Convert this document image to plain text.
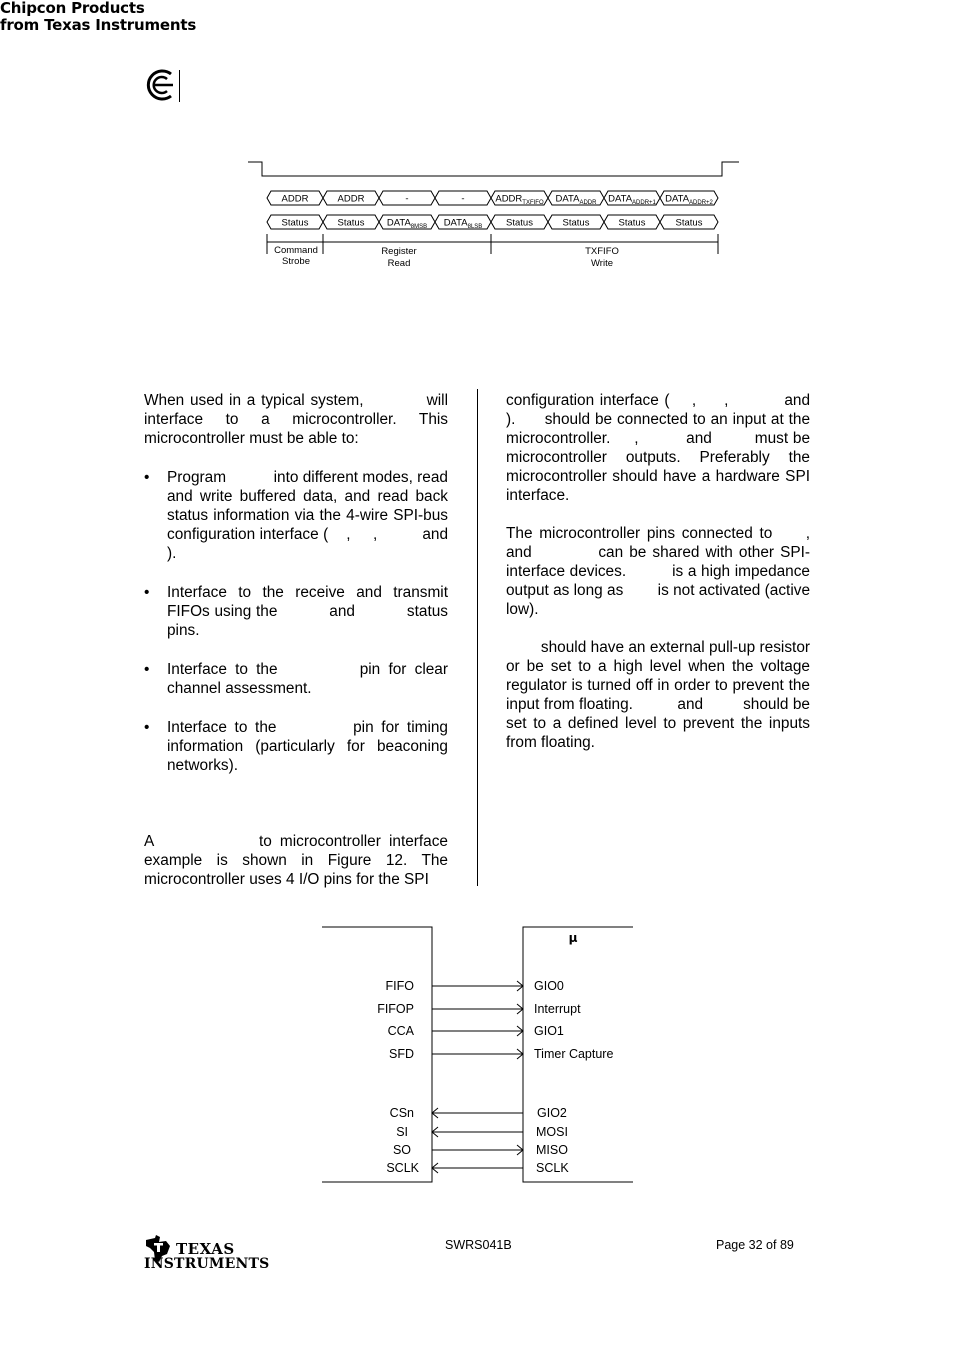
Chipcon Products
from Texas Instruments
ADDR	ADDR	-	-	$ADDR_{TXFIFO}$ $DATA_{ADDR}$ $DATA_{ADDR+1}$ $DATA_{ADDR+2}$
Status	Status $DATA_{8MSB}$ $DATA_{8LSB}$ Status	Status	Status	Status
Command
Strobe
Register
Read
TXFIFO
Write

When used in a typical system,           will interface to a microcontroller. This microcontroller must be able to:

• Program           into different modes, read and write buffered data, and read back status information via the 4-wire SPI-bus configuration interface (    ,     ,          and      ).
• Interface to the receive and transmit FIFOs using the           and           status pins.
• Interface to the          pin for clear channel assessment.
• Interface to the          pin for timing information (particularly for beaconing networks).

A             to microcontroller interface example is shown in Figure 12. The microcontroller uses 4 I/O pins for the SPI

configuration interface (    ,     ,          and        ).      should be connected to an input at the microcontroller.     ,          and         must be microcontroller outputs. Preferably the microcontroller should have a hardware SPI interface.

The microcontroller pins connected to     ,       and           can be shared with other SPI-interface devices.          is a high impedance output as long as        is not activated (active low).

should have an external pull-up resistor or be set to a high level when the voltage regulator is turned off in order to prevent the input from floating.          and         should be set to a defined level to prevent the inputs from floating.

μ
FIFO
FIFOP
CCA
SFD
CSn
SI
SO
SCLK
GIO0
Interrupt
GIO1
Timer Capture
GIO2
MOSI
MISO
SCLK
TEXAS
INSTRUMENTS
SWRS041B	Page 32 of 89
